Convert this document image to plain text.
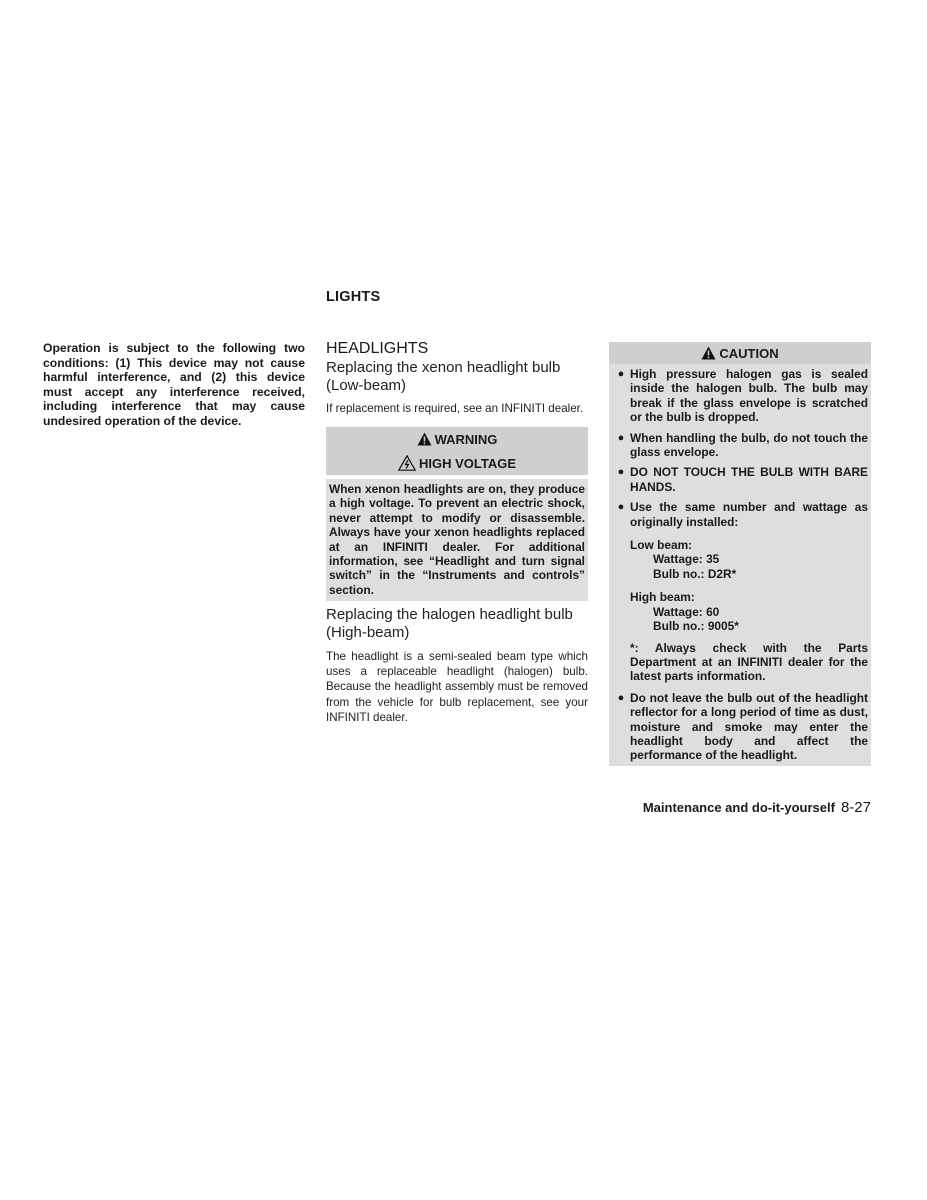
LIGHTS
Operation is subject to the following two conditions: (1) This device may not cause harmful interference, and (2) this device must accept any interference received, including interference that may cause undesired operation of the device.
HEADLIGHTS
Replacing the xenon headlight bulb (Low-beam)
If replacement is required, see an INFINITI dealer.
WARNING
HIGH VOLTAGE
When xenon headlights are on, they produce a high voltage. To prevent an electric shock, never attempt to modify or disassemble. Always have your xenon headlights replaced at an INFINITI dealer. For additional information, see “Headlight and turn signal switch” in the “Instruments and controls” section.
Replacing the halogen headlight bulb (High-beam)
The headlight is a semi-sealed beam type which uses a replaceable headlight (halogen) bulb. Because the headlight assembly must be removed from the vehicle for bulb replacement, see your INFINITI dealer.
CAUTION
● High pressure halogen gas is sealed inside the halogen bulb. The bulb may break if the glass envelope is scratched or the bulb is dropped.
● When handling the bulb, do not touch the glass envelope.
● DO NOT TOUCH THE BULB WITH BARE HANDS.
● Use the same number and wattage as originally installed:
Low beam:
Wattage: 35
Bulb no.: D2R*
High beam:
Wattage: 60
Bulb no.: 9005*
*: Always check with the Parts Department at an INFINITI dealer for the latest parts information.
● Do not leave the bulb out of the headlight reflector for a long period of time as dust, moisture and smoke may enter the headlight body and affect the performance of the headlight.
Maintenance and do-it-yourself 8-27
